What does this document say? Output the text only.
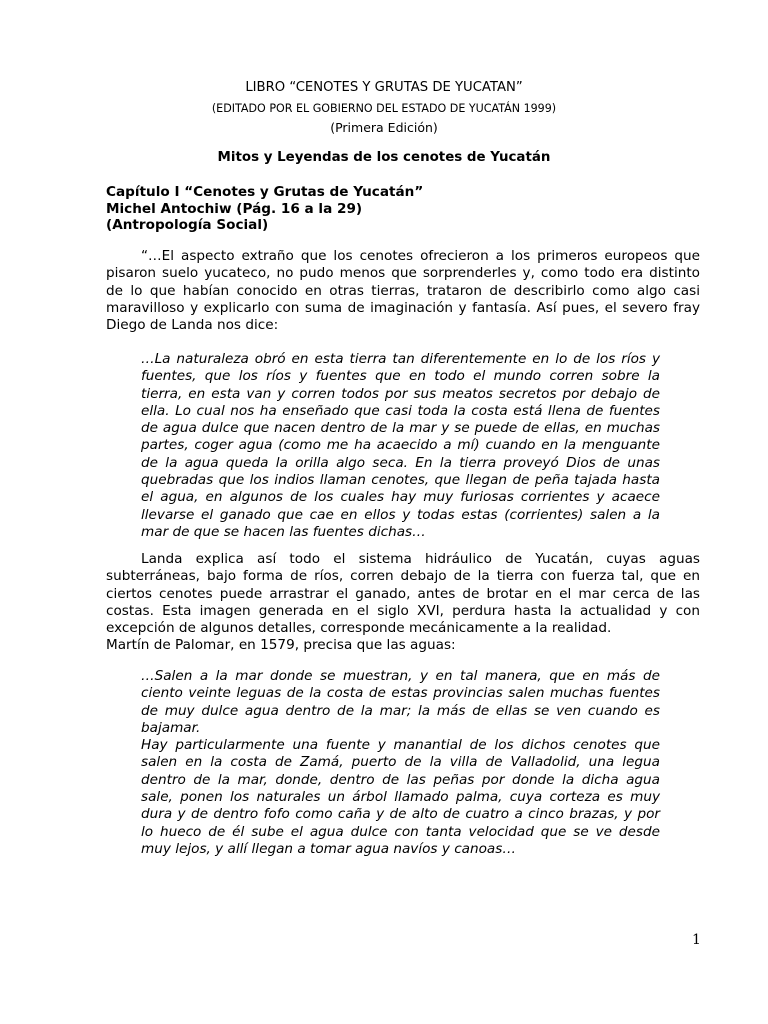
LIBRO “CENOTES Y GRUTAS DE YUCATAN”
(EDITADO POR EL GOBIERNO DEL ESTADO DE YUCATÁN 1999)
(Primera Edición)
Mitos y Leyendas de los cenotes de Yucatán
Capítulo I “Cenotes y Grutas de Yucatán”
Michel Antochiw (Pág. 16 a la 29)
(Antropología Social)
“…El aspecto extraño que los cenotes ofrecieron a los primeros europeos que
pisaron suelo yucateco, no pudo menos que sorprenderles y, como todo era distinto
de lo que habían conocido en otras tierras, trataron de describirlo como algo casi
maravilloso y explicarlo con suma de imaginación y fantasía. Así pues, el severo fray
Diego de Landa nos dice:
…La naturaleza obró en esta tierra tan diferentemente en lo de los ríos y
fuentes, que los ríos y fuentes que en todo el mundo corren sobre la
tierra, en esta van y corren todos por sus meatos secretos por debajo de
ella. Lo cual nos ha enseñado que casi toda la costa está llena de fuentes
de agua dulce que nacen dentro de la mar y se puede de ellas, en muchas
partes, coger agua (como me ha acaecido a mí) cuando en la menguante
de la agua queda la orilla algo seca. En la tierra proveyó Dios de unas
quebradas que los indios llaman cenotes, que llegan de peña tajada hasta
el agua, en algunos de los cuales hay muy furiosas corrientes y acaece
llevarse el ganado que cae en ellos y todas estas (corrientes) salen a la
mar de que se hacen las fuentes dichas…
Landa explica así todo el sistema hidráulico de Yucatán, cuyas aguas
subterráneas, bajo forma de ríos, corren debajo de la tierra con fuerza tal, que en
ciertos cenotes puede arrastrar el ganado, antes de brotar en el mar cerca de las
costas. Esta imagen generada en el siglo XVI, perdura hasta la actualidad y con
excepción de algunos detalles, corresponde mecánicamente a la realidad.
Martín de Palomar, en 1579, precisa que las aguas:
…Salen a la mar donde se muestran, y en tal manera, que en más de
ciento veinte leguas de la costa de estas provincias salen muchas fuentes
de muy dulce agua dentro de la mar; la más de ellas se ven cuando es
bajamar.
Hay particularmente una fuente y manantial de los dichos cenotes que
salen en la costa de Zamá, puerto de la villa de Valladolid, una legua
dentro de la mar, donde, dentro de las peñas por donde la dicha agua
sale, ponen los naturales un árbol llamado palma, cuya corteza es muy
dura y de dentro fofo como caña y de alto de cuatro a cinco brazas, y por
lo hueco de él sube el agua dulce con tanta velocidad que se ve desde
muy lejos, y allí llegan a tomar agua navíos y canoas…
1
